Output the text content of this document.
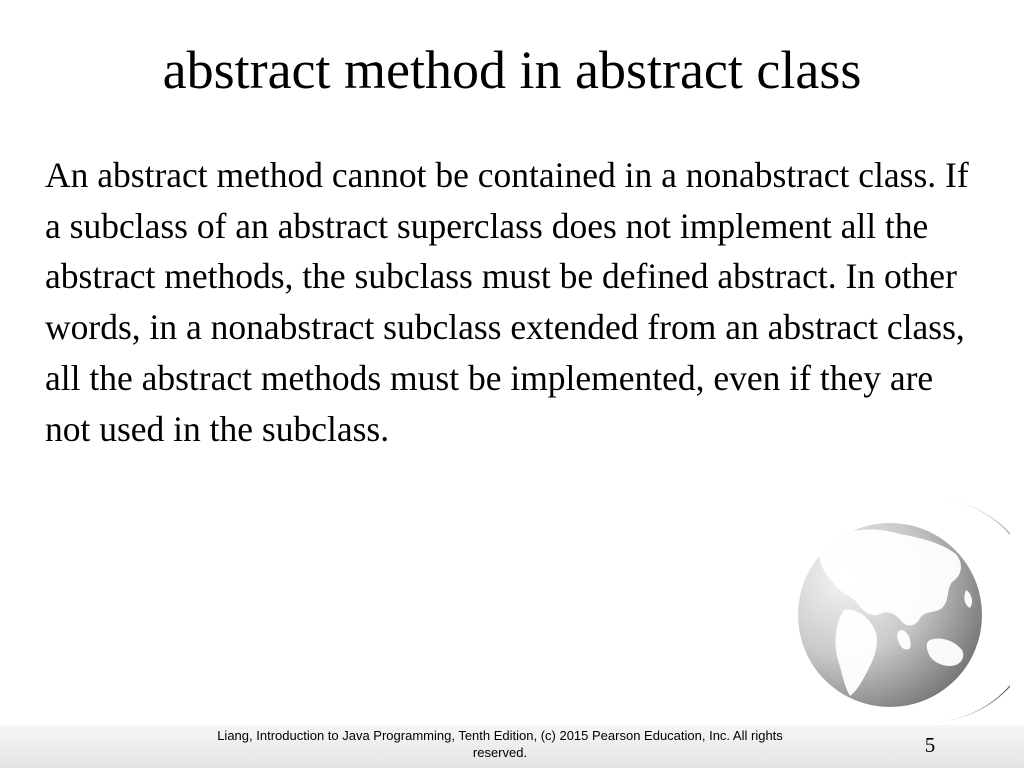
abstract method in abstract class

An abstract method cannot be contained in a nonabstract class. If a subclass of an abstract superclass does not implement all the abstract methods, the subclass must be defined abstract. In other words, in a nonabstract subclass extended from an abstract class, all the abstract methods must be implemented, even if they are not used in the subclass.

Liang, Introduction to Java Programming, Tenth Edition, (c) 2015 Pearson Education, Inc. All rights reserved.	5
